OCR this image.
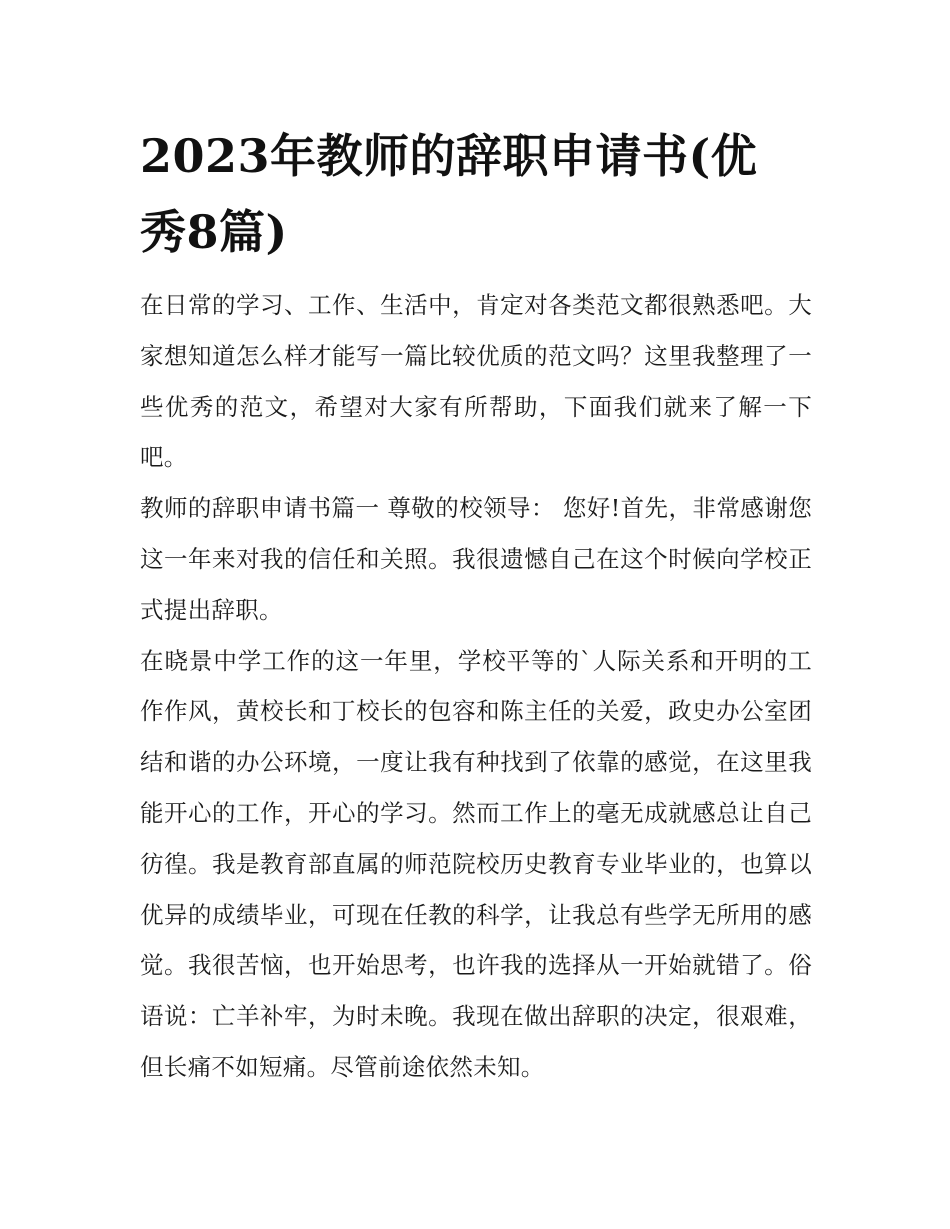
2023年教师的辞职申请书(优秀8篇)

在日常的学习、工作、生活中，肯定对各类范文都很熟悉吧。大家想知道怎么样才能写一篇比较优质的范文吗？这里我整理了一些优秀的范文，希望对大家有所帮助，下面我们就来了解一下吧。

教师的辞职申请书篇一 尊敬的校领导： 您好!首先，非常感谢您这一年来对我的信任和关照。我很遗憾自己在这个时候向学校正式提出辞职。

在晓景中学工作的这一年里，学校平等的`人际关系和开明的工作作风，黄校长和丁校长的包容和陈主任的关爱，政史办公室团结和谐的办公环境，一度让我有种找到了依靠的感觉，在这里我能开心的工作，开心的学习。然而工作上的毫无成就感总让自己彷徨。我是教育部直属的师范院校历史教育专业毕业的，也算以优异的成绩毕业，可现在任教的科学，让我总有些学无所用的感觉。我很苦恼，也开始思考，也许我的选择从一开始就错了。俗语说：亡羊补牢，为时未晚。我现在做出辞职的决定，很艰难，但长痛不如短痛。尽管前途依然未知。
